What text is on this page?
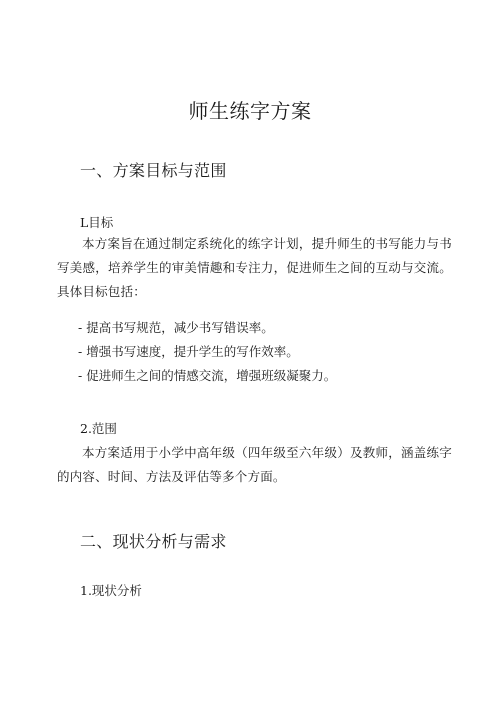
师生练字方案
一、方案目标与范围
L目标

本方案旨在通过制定系统化的练字计划，提升师生的书写能力与书写美感，培养学生的审美情趣和专注力，促进师生之间的互动与交流。具体目标包括：

- 提高书写规范，减少书写错误率。
- 增强书写速度，提升学生的写作效率。
- 促进师生之间的情感交流，增强班级凝聚力。
2.范围

本方案适用于小学中高年级（四年级至六年级）及教师，涵盖练字的内容、时间、方法及评估等多个方面。

二、现状分析与需求
1.现状分析
